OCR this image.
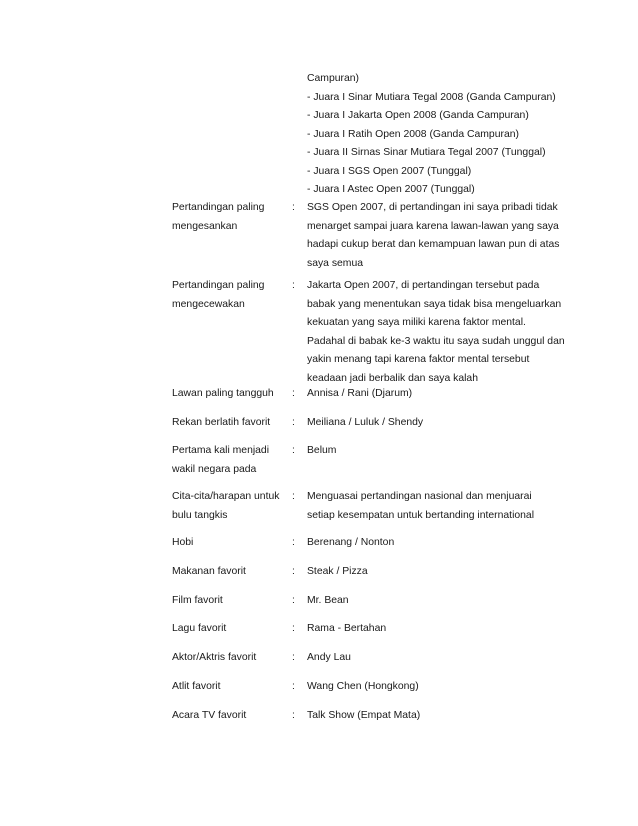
Campuran)
- Juara I Sinar Mutiara Tegal 2008 (Ganda Campuran)
- Juara I Jakarta Open 2008 (Ganda Campuran)
- Juara I Ratih Open 2008 (Ganda Campuran)
- Juara II Sirnas Sinar Mutiara Tegal 2007 (Tunggal)
- Juara I SGS Open 2007 (Tunggal)
- Juara I Astec Open 2007 (Tunggal)
Pertandingan paling
mengesankan
:	SGS Open 2007, di pertandingan ini saya pribadi tidak
menarget sampai juara karena lawan-lawan yang saya
hadapi cukup berat dan kemampuan lawan pun di atas
saya semua
Pertandingan paling
mengecewakan
:	Jakarta Open 2007, di pertandingan tersebut pada
babak yang menentukan saya tidak bisa mengeluarkan
kekuatan yang saya miliki karena faktor mental.
Padahal di babak ke-3 waktu itu saya sudah unggul dan
yakin menang tapi karena faktor mental tersebut
keadaan jadi berbalik dan saya kalah
Lawan paling tangguh	:	Annisa / Rani (Djarum)
Rekan berlatih favorit	:	Meiliana / Luluk / Shendy
Pertama kali menjadi
wakil negara pada
:	Belum
Cita-cita/harapan untuk
bulu tangkis
:	Menguasai pertandingan nasional dan menjuarai
setiap kesempatan untuk bertanding international
Hobi	:	Berenang / Nonton
Makanan favorit	:	Steak / Pizza
Film favorit	:	Mr. Bean
Lagu favorit	:	Rama - Bertahan
Aktor/Aktris favorit	:	Andy Lau
Atlit favorit	:	Wang Chen (Hongkong)
Acara TV favorit	:	Talk Show (Empat Mata)
